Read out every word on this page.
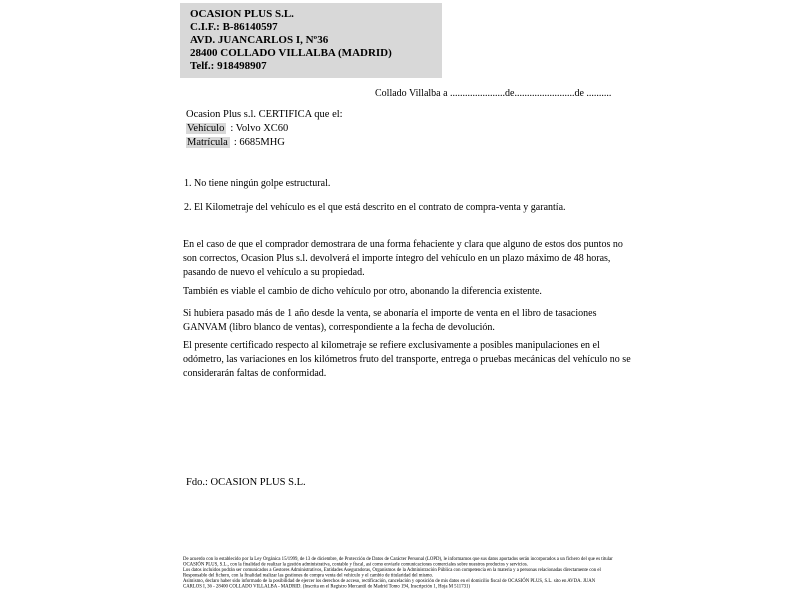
OCASION PLUS S.L.
C.I.F.: B-86140597
AVD. JUANCARLOS I, Nº36
28400 COLLADO VILLALBA (MADRID)
Telf.: 918498907
Collado Villalba a ......................de........................de ..........
Ocasion Plus s.l. CERTIFICA que el:
Vehículo : Volvo XC60
Matrícula : 6685MHG
1. No tiene ningún golpe estructural.
2. El Kilometraje del vehículo es el que está descrito en el contrato de compra-venta y garantía.
En el caso de que el comprador demostrara de una forma fehaciente y clara que alguno de estos dos puntos no son correctos, Ocasion Plus s.l. devolverá el importe íntegro del vehículo en un plazo máximo de 48 horas, pasando de nuevo el vehículo a su propiedad.
También es viable el cambio de dicho vehículo por otro, abonando la diferencia existente.
Si hubiera pasado más de 1 año desde la venta, se abonaría el importe de venta en el libro de tasaciones GANVAM (libro blanco de ventas), correspondiente a la fecha de devolución.
El presente certificado respecto al kilometraje se refiere exclusivamente a posibles manipulaciones en el odómetro, las variaciones en los kilómetros fruto del transporte, entrega o pruebas mecánicas del vehículo no se considerarán faltas de conformidad.
Fdo.: OCASION PLUS S.L.
De acuerdo con lo establecido por la Ley Orgánica 15/1999, de 13 de diciembre, de Protección de Datos de Carácter Personal (LOPD), le informamos que sus datos aportados serán incorporados a un fichero del que es titular
OCASIÓN PLUS, S.L., con la finalidad de realizar la gestión administrativa, contable y fiscal, así como enviarle comunicaciones comerciales sobre nuestros productos y servicios.
Los datos incluidos podrán ser comunicados a Gestores Administrativos, Entidades Aseguradoras, Organismos de la Administración Pública con competencia en la materia y a personas relacionadas directamente con el
Responsable del fichero, con la finalidad realizar las gestiones de compra venta del vehículo y el cambio de titularidad del mismo.
Asimismo, declaro haber sido informado de la posibilidad de ejercer los derechos de acceso, rectificación, cancelación y oposición de mis datos en el domicilio fiscal de OCASIÓN PLUS, S.L. sito en AVDA. JUAN
CARLOS I, 36 - 28400 COLLADO VILLALBA - MADRID. (Inscrita en el Registro Mercantil de Madrid Tomo 194, Inscripción 1, Hoja M 511731)
